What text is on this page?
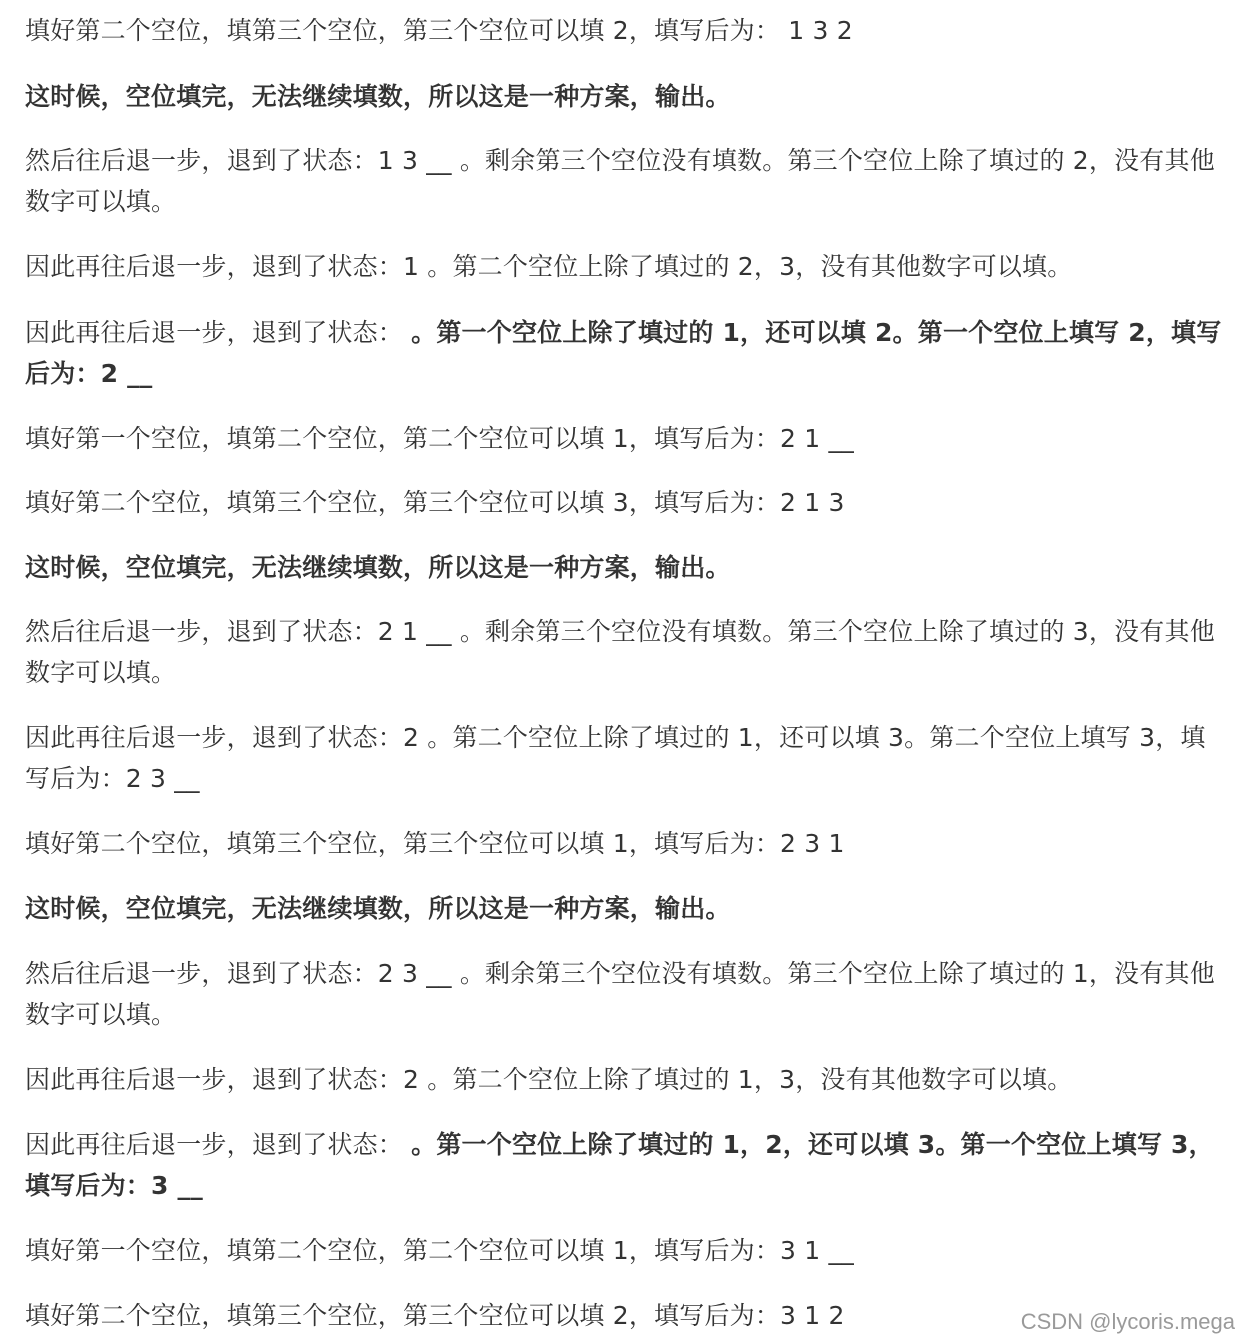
填好第二个空位，填第三个空位，第三个空位可以填 2，填写后为： 1 3 2

这时候，空位填完，无法继续填数，所以这是一种方案，输出。

然后往后退一步，退到了状态：1 3 __ 。剩余第三个空位没有填数。第三个空位上除了填过的 2，没有其他数字可以填。

因此再往后退一步，退到了状态：1 。第二个空位上除了填过的 2，3，没有其他数字可以填。

因此再往后退一步，退到了状态： 。第一个空位上除了填过的 1，还可以填 2。第一个空位上填写 2，填写后为：2 __

填好第一个空位，填第二个空位，第二个空位可以填 1，填写后为：2 1 __

填好第二个空位，填第三个空位，第三个空位可以填 3，填写后为：2 1 3

这时候，空位填完，无法继续填数，所以这是一种方案，输出。

然后往后退一步，退到了状态：2 1 __ 。剩余第三个空位没有填数。第三个空位上除了填过的 3，没有其他数字可以填。

因此再往后退一步，退到了状态：2 。第二个空位上除了填过的 1，还可以填 3。第二个空位上填写 3，填写后为：2 3 __

填好第二个空位，填第三个空位，第三个空位可以填 1，填写后为：2 3 1

这时候，空位填完，无法继续填数，所以这是一种方案，输出。

然后往后退一步，退到了状态：2 3 __ 。剩余第三个空位没有填数。第三个空位上除了填过的 1，没有其他数字可以填。

因此再往后退一步，退到了状态：2 。第二个空位上除了填过的 1，3，没有其他数字可以填。

因此再往后退一步，退到了状态： 。第一个空位上除了填过的 1，2，还可以填 3。第一个空位上填写 3，填写后为：3 __

填好第一个空位，填第二个空位，第二个空位可以填 1，填写后为：3 1 __

填好第二个空位，填第三个空位，第三个空位可以填 2，填写后为：3 1 2	CSDN @lycoris.mega
